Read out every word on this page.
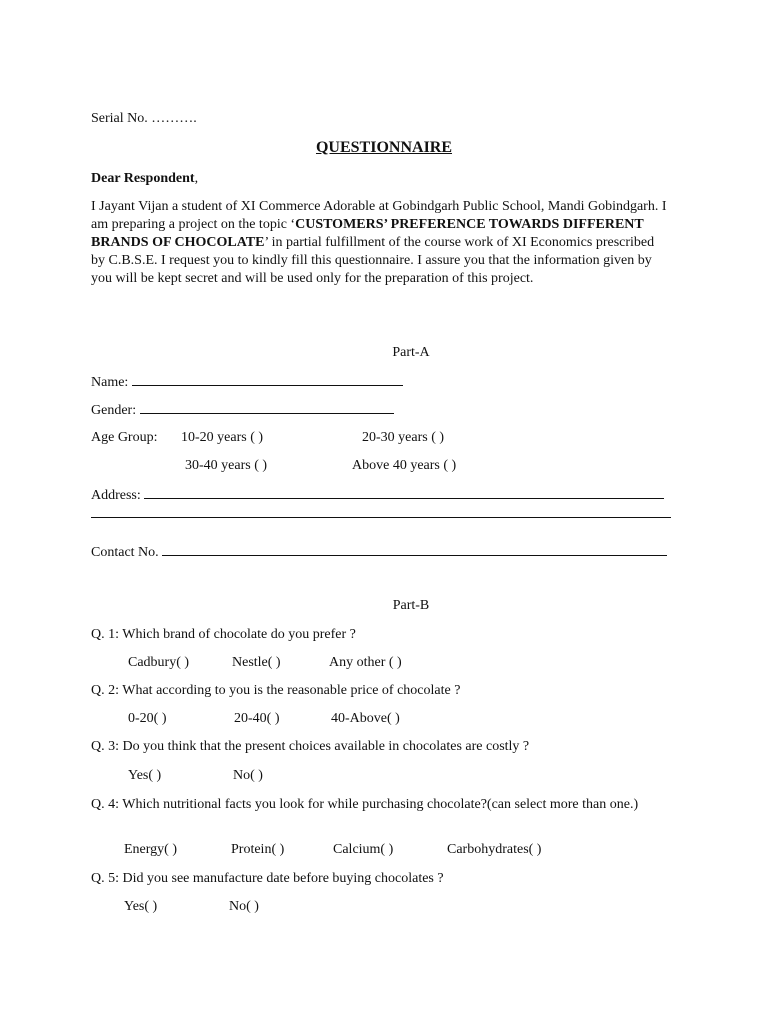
Serial No. ……….
QUESTIONNAIRE
Dear Respondent,
I Jayant Vijan a student of XI Commerce Adorable at Gobindgarh Public School, Mandi Gobindgarh. I am preparing a project on the topic ‘CUSTOMERS’ PREFERENCE TOWARDS DIFFERENT BRANDS OF CHOCOLATE’ in partial fulfillment of the course work of XI Economics prescribed by C.B.S.E. I request you to kindly fill this questionnaire. I assure you that the information given by you will be kept secret and will be used only for the preparation of this project.
Part-A
Name:
Gender:
Age Group: 10-20 years ( )	20-30 years ( )
30-40 years ( )	Above 40 years ( )
Address:
Contact No.
Part-B
Q. 1: Which brand of chocolate do you prefer ?
Cadbury( )	Nestle( )	Any other ( )
Q. 2: What according to you is the reasonable price of chocolate ?
0-20( )	20-40( )	40-Above( )
Q. 3: Do you think that the present choices available in chocolates are costly ?
Yes( )	No( )
Q. 4: Which nutritional facts you look for while purchasing chocolate?(can select more than one.)
Energy( )	Protein( )	Calcium( )	Carbohydrates( )
Q. 5: Did you see manufacture date before buying chocolates ?
Yes( )	No( )
